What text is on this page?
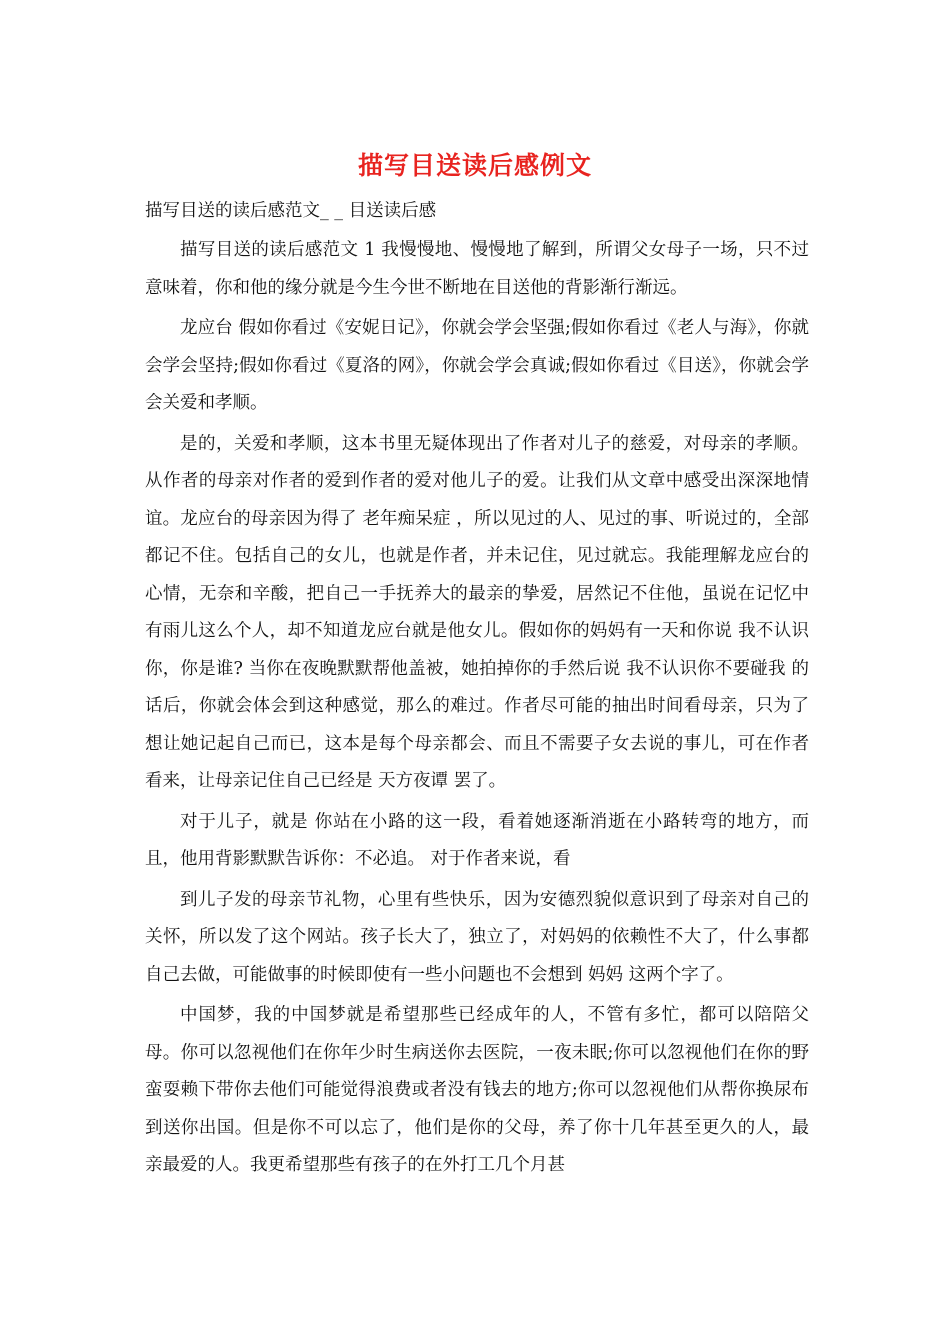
描写目送读后感例文
描写目送的读后感范文_ _ 目送读后感

描写目送的读后感范文 1 我慢慢地、慢慢地了解到，所谓父女母子一场，只不过意味着，你和他的缘分就是今生今世不断地在目送他的背影渐行渐远。

龙应台 假如你看过《安妮日记》，你就会学会坚强;假如你看过《老人与海》，你就会学会坚持;假如你看过《夏洛的网》，你就会学会真诚;假如你看过《目送》，你就会学会关爱和孝顺。

是的，关爱和孝顺，这本书里无疑体现出了作者对儿子的慈爱，对母亲的孝顺。从作者的母亲对作者的爱到作者的爱对他儿子的爱。让我们从文章中感受出深深地情谊。龙应台的母亲因为得了 老年痴呆症 ，所以见过的人、见过的事、听说过的，全部都记不住。包括自己的女儿，也就是作者，并未记住，见过就忘。我能理解龙应台的心情，无奈和辛酸，把自己一手抚养大的最亲的挚爱，居然记不住他，虽说在记忆中有雨儿这么个人，却不知道龙应台就是他女儿。假如你的妈妈有一天和你说 我不认识你，你是谁? 当你在夜晚默默帮他盖被，她拍掉你的手然后说 我不认识你不要碰我 的话后，你就会体会到这种感觉，那么的难过。作者尽可能的抽出时间看母亲，只为了想让她记起自己而已，这本是每个母亲都会、而且不需要子女去说的事儿，可在作者看来，让母亲记住自己已经是 天方夜谭 罢了。

对于儿子，就是 你站在小路的这一段，看着她逐渐消逝在小路转弯的地方，而且，他用背影默默告诉你：不必追。 对于作者来说，看

到儿子发的母亲节礼物，心里有些快乐，因为安德烈貌似意识到了母亲对自己的关怀，所以发了这个网站。孩子长大了，独立了，对妈妈的依赖性不大了，什么事都自己去做，可能做事的时候即使有一些小问题也不会想到 妈妈 这两个字了。

中国梦，我的中国梦就是希望那些已经成年的人，不管有多忙，都可以陪陪父母。你可以忽视他们在你年少时生病送你去医院，一夜未眠;你可以忽视他们在你的野蛮耍赖下带你去他们可能觉得浪费或者没有钱去的地方;你可以忽视他们从帮你换尿布到送你出国。但是你不可以忘了，他们是你的父母，养了你十几年甚至更久的人，最亲最爱的人。我更希望那些有孩子的在外打工几个月甚
